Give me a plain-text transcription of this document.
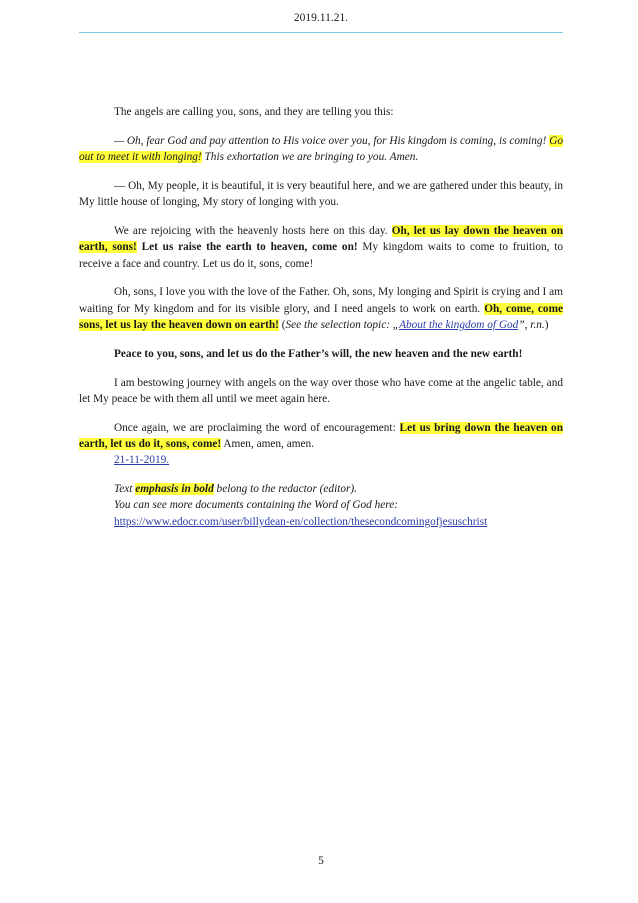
2019.11.21.

The angels are calling you, sons, and they are telling you this:

— Oh, fear God and pay attention to His voice over you, for His kingdom is coming, is coming! Go out to meet it with longing! This exhortation we are bringing to you. Amen.

— Oh, My people, it is beautiful, it is very beautiful here, and we are gathered under this beauty, in My little house of longing, My story of longing with you.

We are rejoicing with the heavenly hosts here on this day. Oh, let us lay down the heaven on earth, sons! Let us raise the earth to heaven, come on! My kingdom waits to come to fruition, to receive a face and country. Let us do it, sons, come!

Oh, sons, I love you with the love of the Father. Oh, sons, My longing and Spirit is crying and I am waiting for My kingdom and for its visible glory, and I need angels to work on earth. Oh, come, come sons, let us lay the heaven down on earth! (See the selection topic: „About the kingdom of God”, r.n.)

Peace to you, sons, and let us do the Father’s will, the new heaven and the new earth!

I am bestowing journey with angels on the way over those who have come at the angelic table, and let My peace be with them all until we meet again here.

Once again, we are proclaiming the word of encouragement: Let us bring down the heaven on earth, let us do it, sons, come! Amen, amen, amen.

21-11-2019.

Text emphasis in bold belong to the redactor (editor).

You can see more documents containing the Word of God here:

https://www.edocr.com/user/billydean-en/collection/thesecondcomingofjesuschrist

5
